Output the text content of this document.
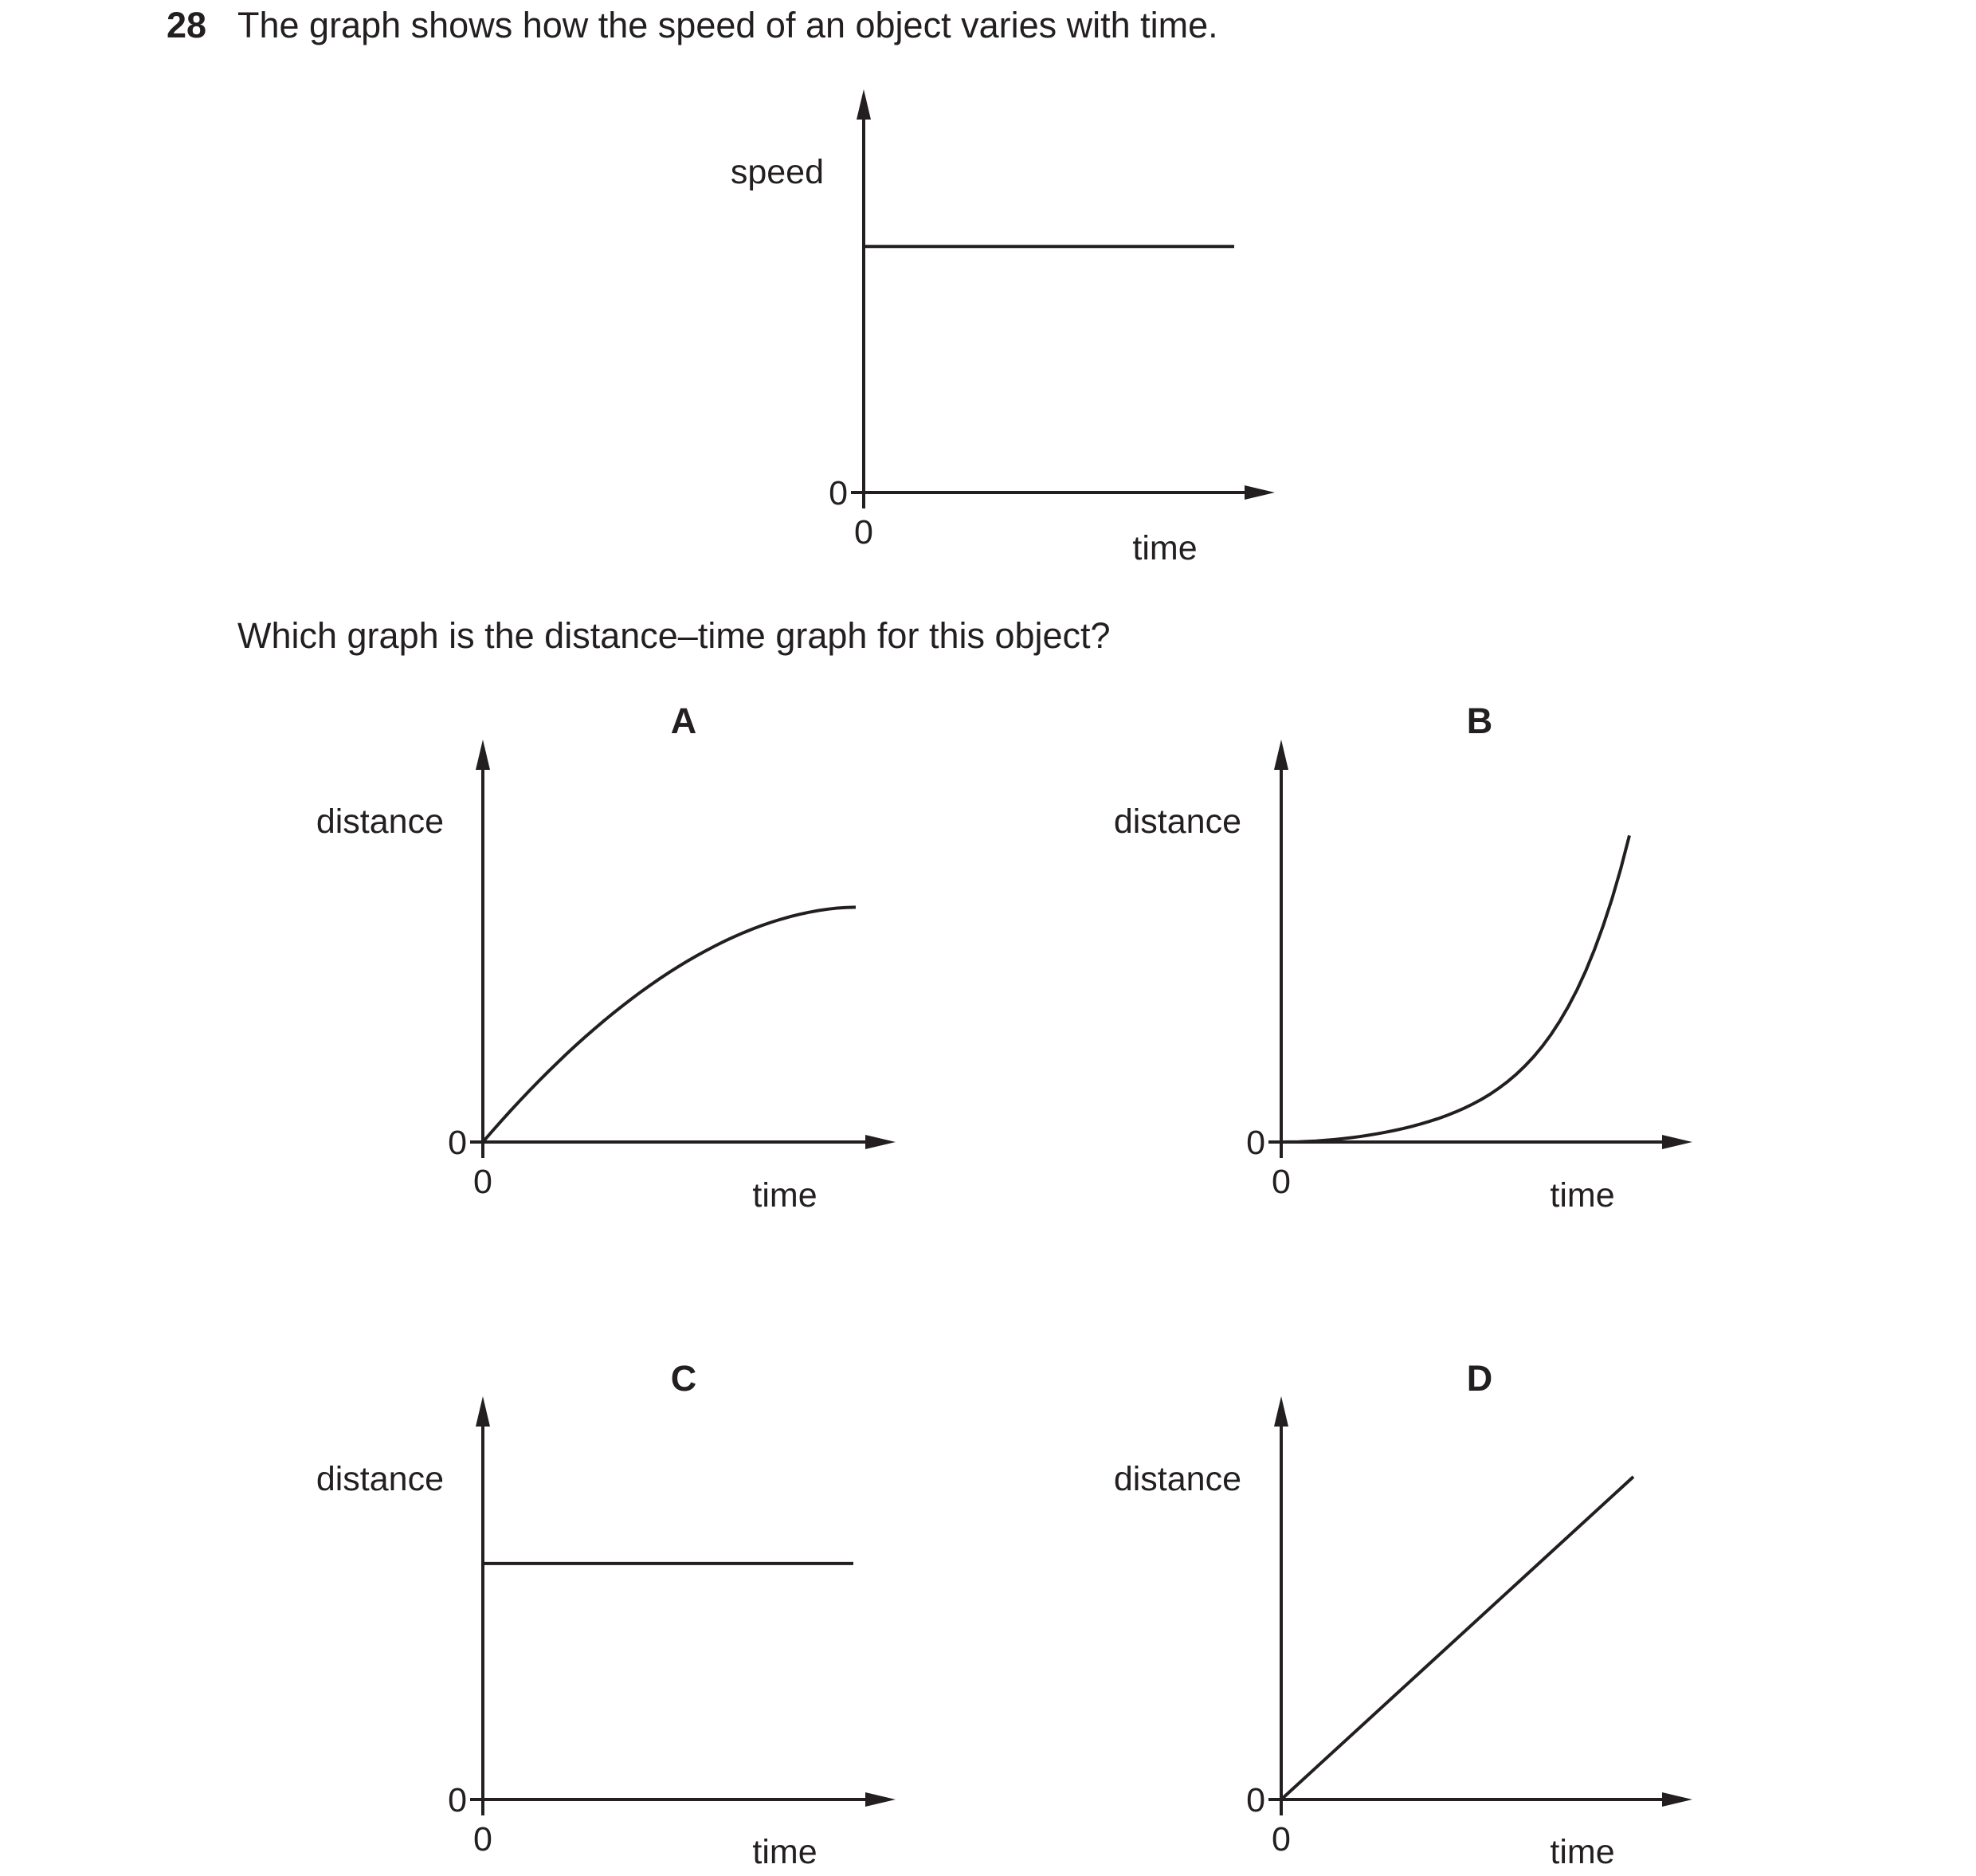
28 The graph shows how the speed of an object varies with time.
Which graph is the distance–time graph for this object?
speed
time
0
0
distance
time
0
0
A
distance
time
0
0
B
distance
time
0
0
C
distance
time
0
0
D
